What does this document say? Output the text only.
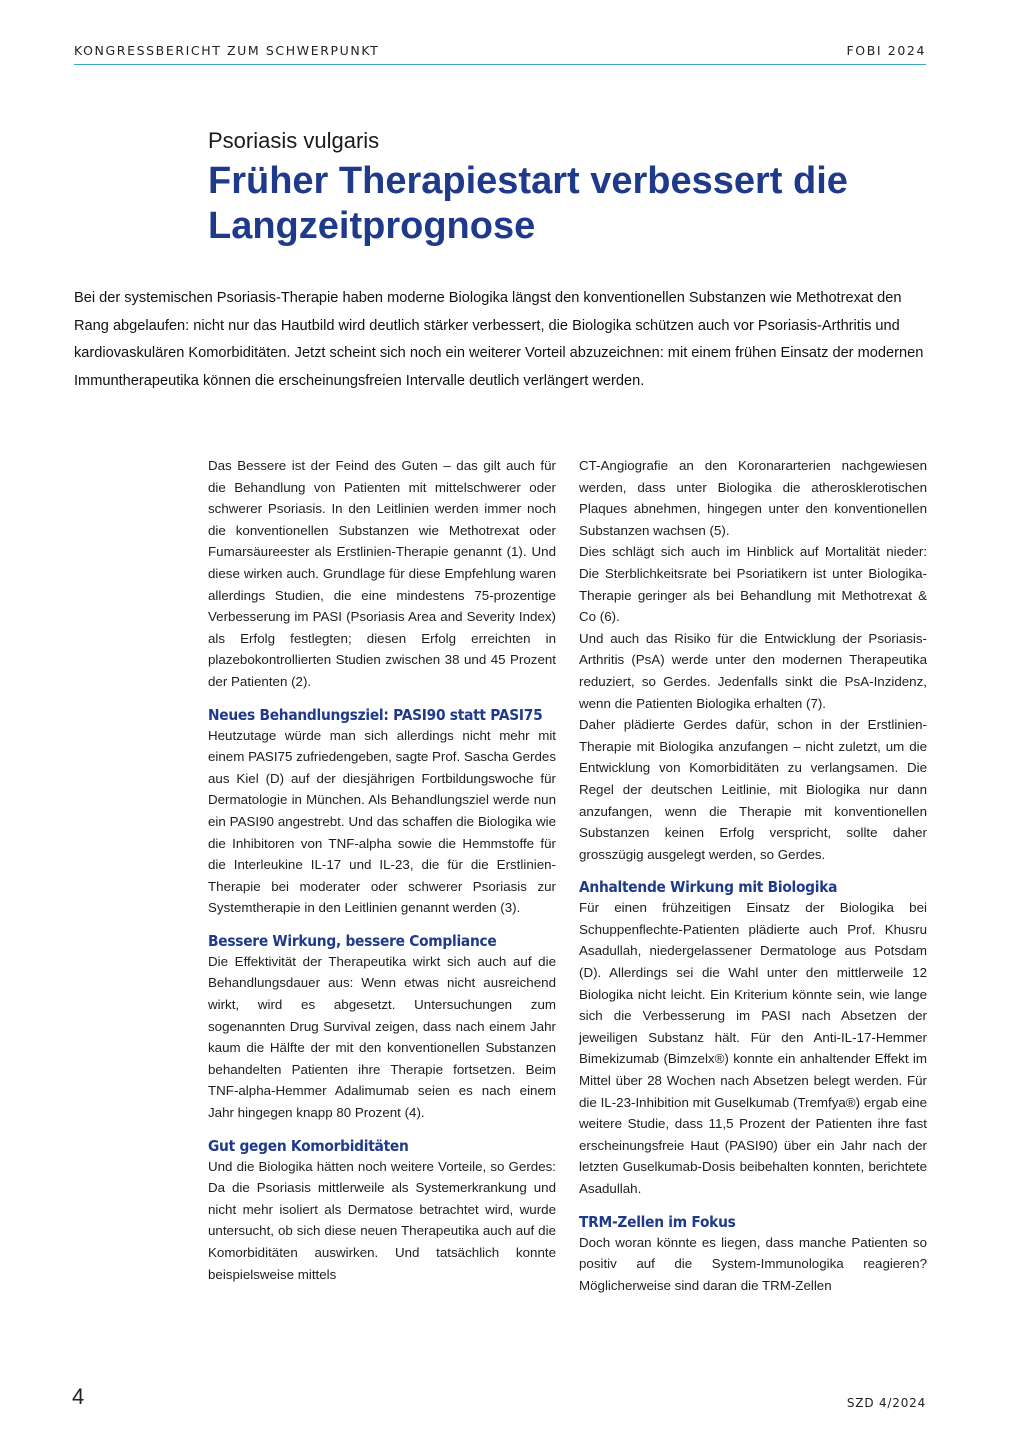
KONGRESSBERICHT ZUM SCHWERPUNKT	FOBI 2024
Psoriasis vulgaris
Früher Therapiestart verbessert die Langzeitprognose

Bei der systemischen Psoriasis-Therapie haben moderne Biologika längst den konventionellen Substanzen wie Methotrexat den Rang abgelaufen: nicht nur das Hautbild wird deutlich stärker verbessert, die Biologika schützen auch vor Psoriasis-Arthritis und kardiovaskulären Komorbiditäten. Jetzt scheint sich noch ein weiterer Vorteil abzuzeichnen: mit einem frühen Einsatz der modernen Immuntherapeutika können die erscheinungsfreien Intervalle deutlich verlängert werden.

Das Bessere ist der Feind des Guten – das gilt auch für die Behandlung von Patienten mit mittelschwerer oder schwerer Psoriasis. In den Leitlinien werden immer noch die konventionellen Substanzen wie Methotrexat oder Fumarsäureester als Erstlinien-Therapie genannt (1). Und diese wirken auch. Grundlage für diese Empfehlung waren allerdings Studien, die eine mindestens 75-prozentige Verbesserung im PASI (Psoriasis Area and Severity Index) als Erfolg festlegten; diesen Erfolg erreichten in plazebokontrollierten Studien zwischen 38 und 45 Prozent der Patienten (2).

Neues Behandlungsziel: PASI90 statt PASI75

Heutzutage würde man sich allerdings nicht mehr mit einem PASI75 zufriedengeben, sagte Prof. Sascha Gerdes aus Kiel (D) auf der diesjährigen Fortbildungswoche für Dermatologie in München. Als Behandlungsziel werde nun ein PASI90 angestrebt. Und das schaffen die Biologika wie die Inhibitoren von TNF-alpha sowie die Hemmstoffe für die Interleukine IL-17 und IL-23, die für die Erstlinien-Therapie bei moderater oder schwerer Psoriasis zur Systemtherapie in den Leitlinien genannt werden (3).

Bessere Wirkung, bessere Compliance

Die Effektivität der Therapeutika wirkt sich auch auf die Behandlungsdauer aus: Wenn etwas nicht ausreichend wirkt, wird es abgesetzt. Untersuchungen zum sogenannten Drug Survival zeigen, dass nach einem Jahr kaum die Hälfte der mit den konventionellen Substanzen behandelten Patienten ihre Therapie fortsetzen. Beim TNF-alpha-Hemmer Adalimumab seien es nach einem Jahr hingegen knapp 80 Prozent (4).

Gut gegen Komorbiditäten

Und die Biologika hätten noch weitere Vorteile, so Gerdes: Da die Psoriasis mittlerweile als Systemerkrankung und nicht mehr isoliert als Dermatose betrachtet wird, wurde untersucht, ob sich diese neuen Therapeutika auch auf die Komorbiditäten auswirken. Und tatsächlich konnte beispielsweise mittels

CT-Angiografie an den Koronararterien nachgewiesen werden, dass unter Biologika die atherosklerotischen Plaques abnehmen, hingegen unter den konventionellen Substanzen wachsen (5).

Dies schlägt sich auch im Hinblick auf Mortalität nieder: Die Sterblichkeitsrate bei Psoriatikern ist unter Biologika-Therapie geringer als bei Behandlung mit Methotrexat & Co (6).

Und auch das Risiko für die Entwicklung der Psoriasis-Arthritis (PsA) werde unter den modernen Therapeutika reduziert, so Gerdes. Jedenfalls sinkt die PsA-Inzidenz, wenn die Patienten Biologika erhalten (7).

Daher plädierte Gerdes dafür, schon in der Erstlinien-Therapie mit Biologika anzufangen – nicht zuletzt, um die Entwicklung von Komorbiditäten zu verlangsamen. Die Regel der deutschen Leitlinie, mit Biologika nur dann anzufangen, wenn die Therapie mit konventionellen Substanzen keinen Erfolg verspricht, sollte daher grosszügig ausgelegt werden, so Gerdes.

Anhaltende Wirkung mit Biologika

Für einen frühzeitigen Einsatz der Biologika bei Schuppenflechte-Patienten plädierte auch Prof. Khusru Asadullah, niedergelassener Dermatologe aus Potsdam (D). Allerdings sei die Wahl unter den mittlerweile 12 Biologika nicht leicht. Ein Kriterium könnte sein, wie lange sich die Verbesserung im PASI nach Absetzen der jeweiligen Substanz hält. Für den Anti-IL-17-Hemmer Bimekizumab (Bimzelx®) konnte ein anhaltender Effekt im Mittel über 28 Wochen nach Absetzen belegt werden. Für die IL-23-Inhibition mit Guselkumab (Tremfya®) ergab eine weitere Studie, dass 11,5 Prozent der Patienten ihre fast erscheinungsfreie Haut (PASI90) über ein Jahr nach der letzten Guselkumab-Dosis beibehalten konnten, berichtete Asadullah.

TRM-Zellen im Fokus

Doch woran könnte es liegen, dass manche Patienten so positiv auf die System-Immunologika reagieren? Möglicherweise sind daran die TRM-Zellen

4	SZD 4/2024
